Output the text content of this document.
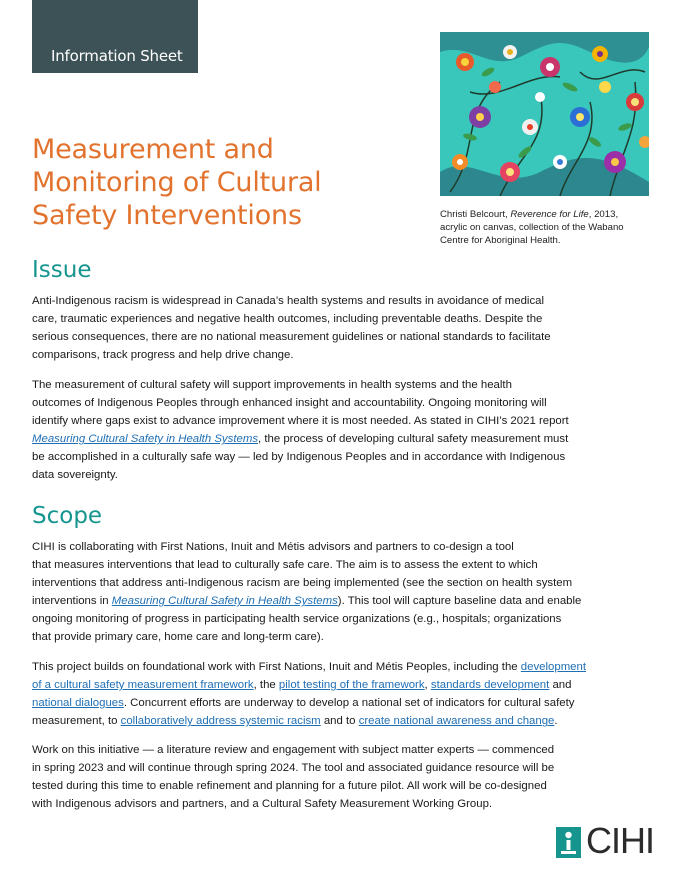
Information Sheet
Measurement and
Monitoring of Cultural
Safety Interventions	Christi Belcourt, Reverence for Life, 2013,
acrylic on canvas, collection of the Wabano
Centre for Aboriginal Health.
Issue
Anti-Indigenous racism is widespread in Canada’s health systems and results in avoidance of medical
care, traumatic experiences and negative health outcomes, including preventable deaths. Despite the
serious consequences, there are no national measurement guidelines or national standards to facilitate
comparisons, track progress and help drive change.
The measurement of cultural safety will support improvements in health systems and the health
outcomes of Indigenous Peoples through enhanced insight and accountability. Ongoing monitoring will
identify where gaps exist to advance improvement where it is most needed. As stated in CIHI’s 2021 report
Measuring Cultural Safety in Health Systems, the process of developing cultural safety measurement must
be accomplished in a culturally safe way — led by Indigenous Peoples and in accordance with Indigenous
data sovereignty.
Scope
CIHI is collaborating with First Nations, Inuit and Métis advisors and partners to co-design a tool
that measures interventions that lead to culturally safe care. The aim is to assess the extent to which
interventions that address anti-Indigenous racism are being implemented (see the section on health system
interventions in Measuring Cultural Safety in Health Systems). This tool will capture baseline data and enable
ongoing monitoring of progress in participating health service organizations (e.g., hospitals; organizations
that provide primary care, home care and long-term care).
This project builds on foundational work with First Nations, Inuit and Métis Peoples, including the development
of a cultural safety measurement framework, the pilot testing of the framework, standards development and
national dialogues. Concurrent efforts are underway to develop a national set of indicators for cultural safety
measurement, to collaboratively address systemic racism and to create national awareness and change.
Work on this initiative — a literature review and engagement with subject matter experts — commenced
in spring 2023 and will continue through spring 2024. The tool and associated guidance resource will be
tested during this time to enable refinement and planning for a future pilot. All work will be co-designed
with Indigenous advisors and partners, and a Cultural Safety Measurement Working Group.
CIHI
